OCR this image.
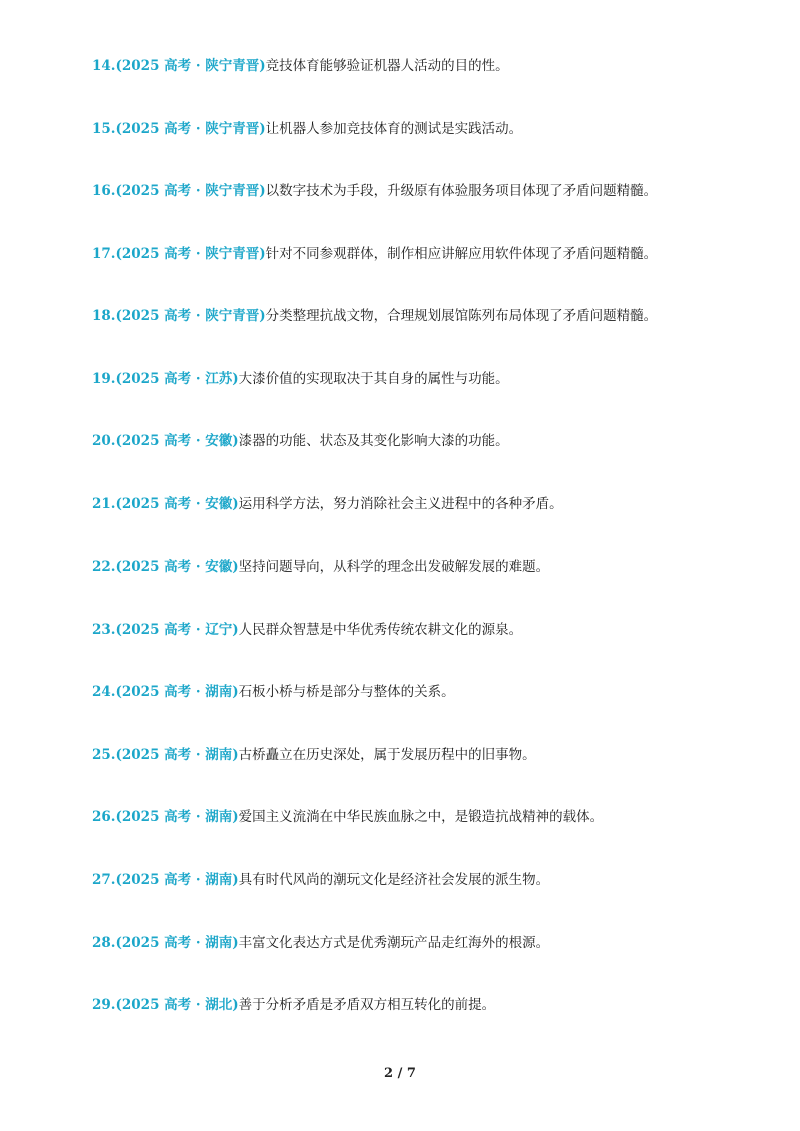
14.(2025 高考 · 陕宁青晋)竞技体育能够验证机器人活动的目的性。
15.(2025 高考 · 陕宁青晋)让机器人参加竞技体育的测试是实践活动。
16.(2025 高考 · 陕宁青晋)以数字技术为手段，升级原有体验服务项目体现了矛盾问题精髓。
17.(2025 高考 · 陕宁青晋)针对不同参观群体，制作相应讲解应用软件体现了矛盾问题精髓。
18.(2025 高考 · 陕宁青晋)分类整理抗战文物，合理规划展馆陈列布局体现了矛盾问题精髓。
19.(2025 高考 · 江苏)大漆价值的实现取决于其自身的属性与功能。
20.(2025 高考 · 安徽)漆器的功能、状态及其变化影响大漆的功能。
21.(2025 高考 · 安徽)运用科学方法，努力消除社会主义进程中的各种矛盾。
22.(2025 高考 · 安徽)坚持问题导向，从科学的理念出发破解发展的难题。
23.(2025 高考 · 辽宁)人民群众智慧是中华优秀传统农耕文化的源泉。
24.(2025 高考 · 湖南)石板小桥与桥是部分与整体的关系。
25.(2025 高考 · 湖南)古桥矗立在历史深处，属于发展历程中的旧事物。
26.(2025 高考 · 湖南)爱国主义流淌在中华民族血脉之中，是锻造抗战精神的载体。
27.(2025 高考 · 湖南)具有时代风尚的潮玩文化是经济社会发展的派生物。
28.(2025 高考 · 湖南)丰富文化表达方式是优秀潮玩产品走红海外的根源。
29.(2025 高考 · 湖北)善于分析矛盾是矛盾双方相互转化的前提。
2 / 7
